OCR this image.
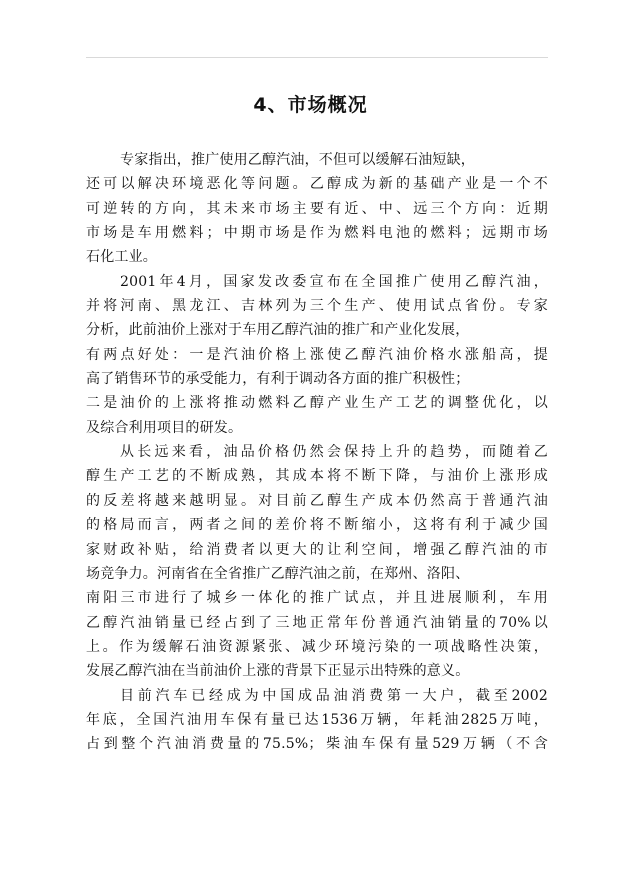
4、市场概况
专家指出，推广使用乙醇汽油，不但可以缓解石油短缺，
还可以解决环境恶化等问题。乙醇成为新的基础产业是一个不
可逆转的方向，其未来市场主要有近、中、远三个方向：近期
市场是车用燃料；中期市场是作为燃料电池的燃料；远期市场
石化工业。
2001年4月，国家发改委宣布在全国推广使用乙醇汽油，
并将河南、黑龙江、吉林列为三个生产、使用试点省份。专家
分析，此前油价上涨对于车用乙醇汽油的推广和产业化发展，
有两点好处：一是汽油价格上涨使乙醇汽油价格水涨船高，提
高了销售环节的承受能力，有利于调动各方面的推广积极性；
二是油价的上涨将推动燃料乙醇产业生产工艺的调整优化，以
及综合利用项目的研发。
从长远来看，油品价格仍然会保持上升的趋势，而随着乙
醇生产工艺的不断成熟，其成本将不断下降，与油价上涨形成
的反差将越来越明显。对目前乙醇生产成本仍然高于普通汽油
的格局而言，两者之间的差价将不断缩小，这将有利于减少国
家财政补贴，给消费者以更大的让利空间，增强乙醇汽油的市
场竞争力。河南省在全省推广乙醇汽油之前，在郑州、洛阳、
南阳三市进行了城乡一体化的推广试点，并且进展顺利，车用
乙醇汽油销量已经占到了三地正常年份普通汽油销量的70%以
上。作为缓解石油资源紧张、减少环境污染的一项战略性决策，
发展乙醇汽油在当前油价上涨的背景下正显示出特殊的意义。
目前汽车已经成为中国成品油消费第一大户，截至2002
年底，全国汽油用车保有量已达1536万辆，年耗油2825万吨，
占到整个汽油消费量的75.5%；柴油车保有量529万辆（不含
